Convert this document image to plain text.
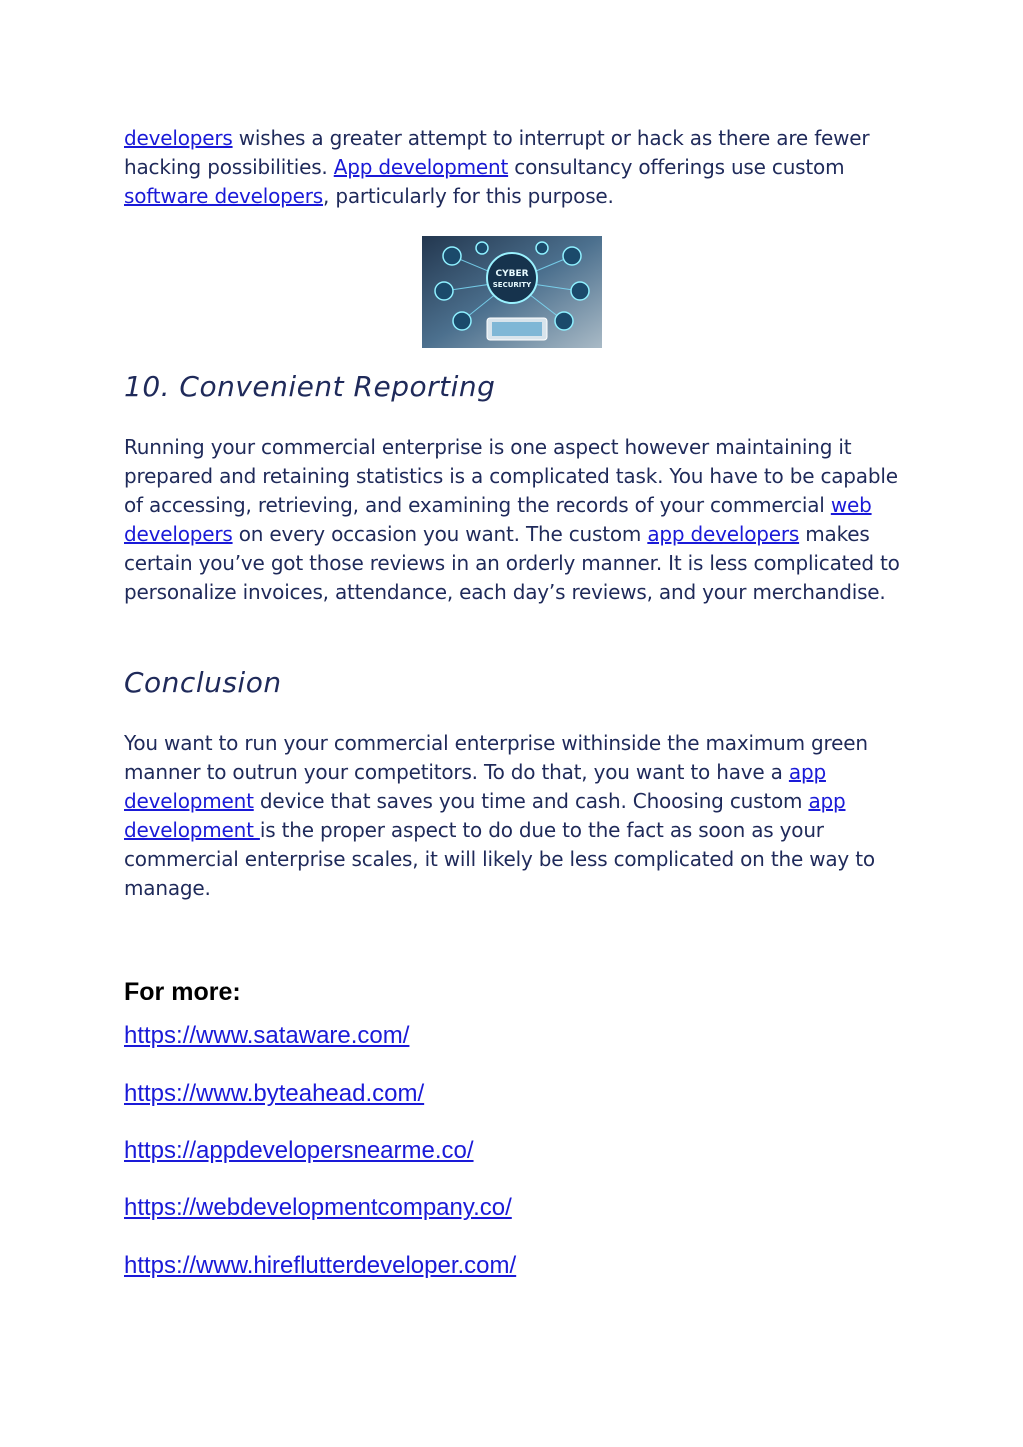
developers wishes a greater attempt to interrupt or hack as there are fewer hacking possibilities. App development consultancy offerings use custom software developers, particularly for this purpose.

CYBER
SECURITY
10. Convenient Reporting

Running your commercial enterprise is one aspect however maintaining it prepared and retaining statistics is a complicated task. You have to be capable of accessing, retrieving, and examining the records of your commercial web developers on every occasion you want. The custom app developers makes certain you’ve got those reviews in an orderly manner. It is less complicated to personalize invoices, attendance, each day’s reviews, and your merchandise.

Conclusion

You want to run your commercial enterprise withinside the maximum green manner to outrun your competitors. To do that, you want to have a app development device that saves you time and cash. Choosing custom app development is the proper aspect to do due to the fact as soon as your commercial enterprise scales, it will likely be less complicated on the way to manage.

For more:
https://www.sataware.com/
https://www.byteahead.com/
https://appdevelopersnearme.co/
https://webdevelopmentcompany.co/
https://www.hireflutterdeveloper.com/
